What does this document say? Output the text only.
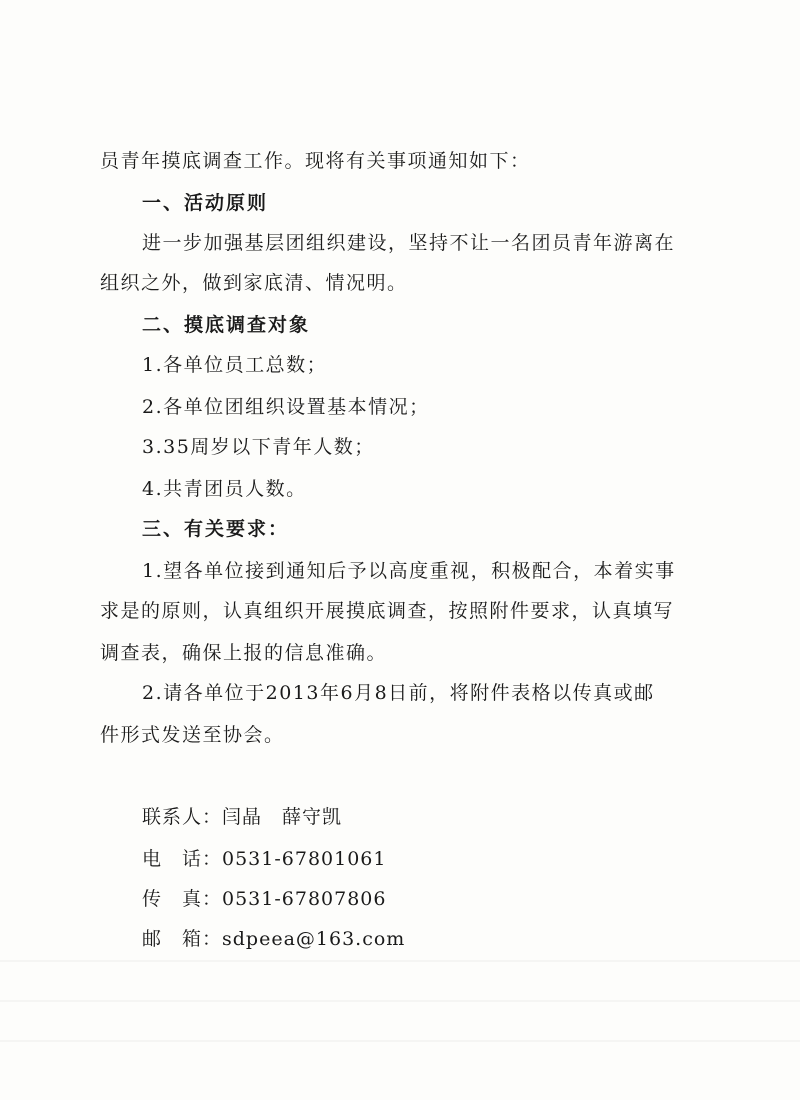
员青年摸底调查工作。现将有关事项通知如下：
一、活动原则
进一步加强基层团组织建设，坚持不让一名团员青年游离在
组织之外，做到家底清、情况明。
二、摸底调查对象
1.各单位员工总数；
2.各单位团组织设置基本情况；
3.35周岁以下青年人数；
4.共青团员人数。
三、有关要求：
1.望各单位接到通知后予以高度重视，积极配合，本着实事
求是的原则，认真组织开展摸底调查，按照附件要求，认真填写
调查表，确保上报的信息准确。
2.请各单位于2013年6月8日前，将附件表格以传真或邮
件形式发送至协会。
联系人：闫晶　薛守凯
电　话：0531-67801061
传　真：0531-67807806
邮　箱：sdpeea@163.com
